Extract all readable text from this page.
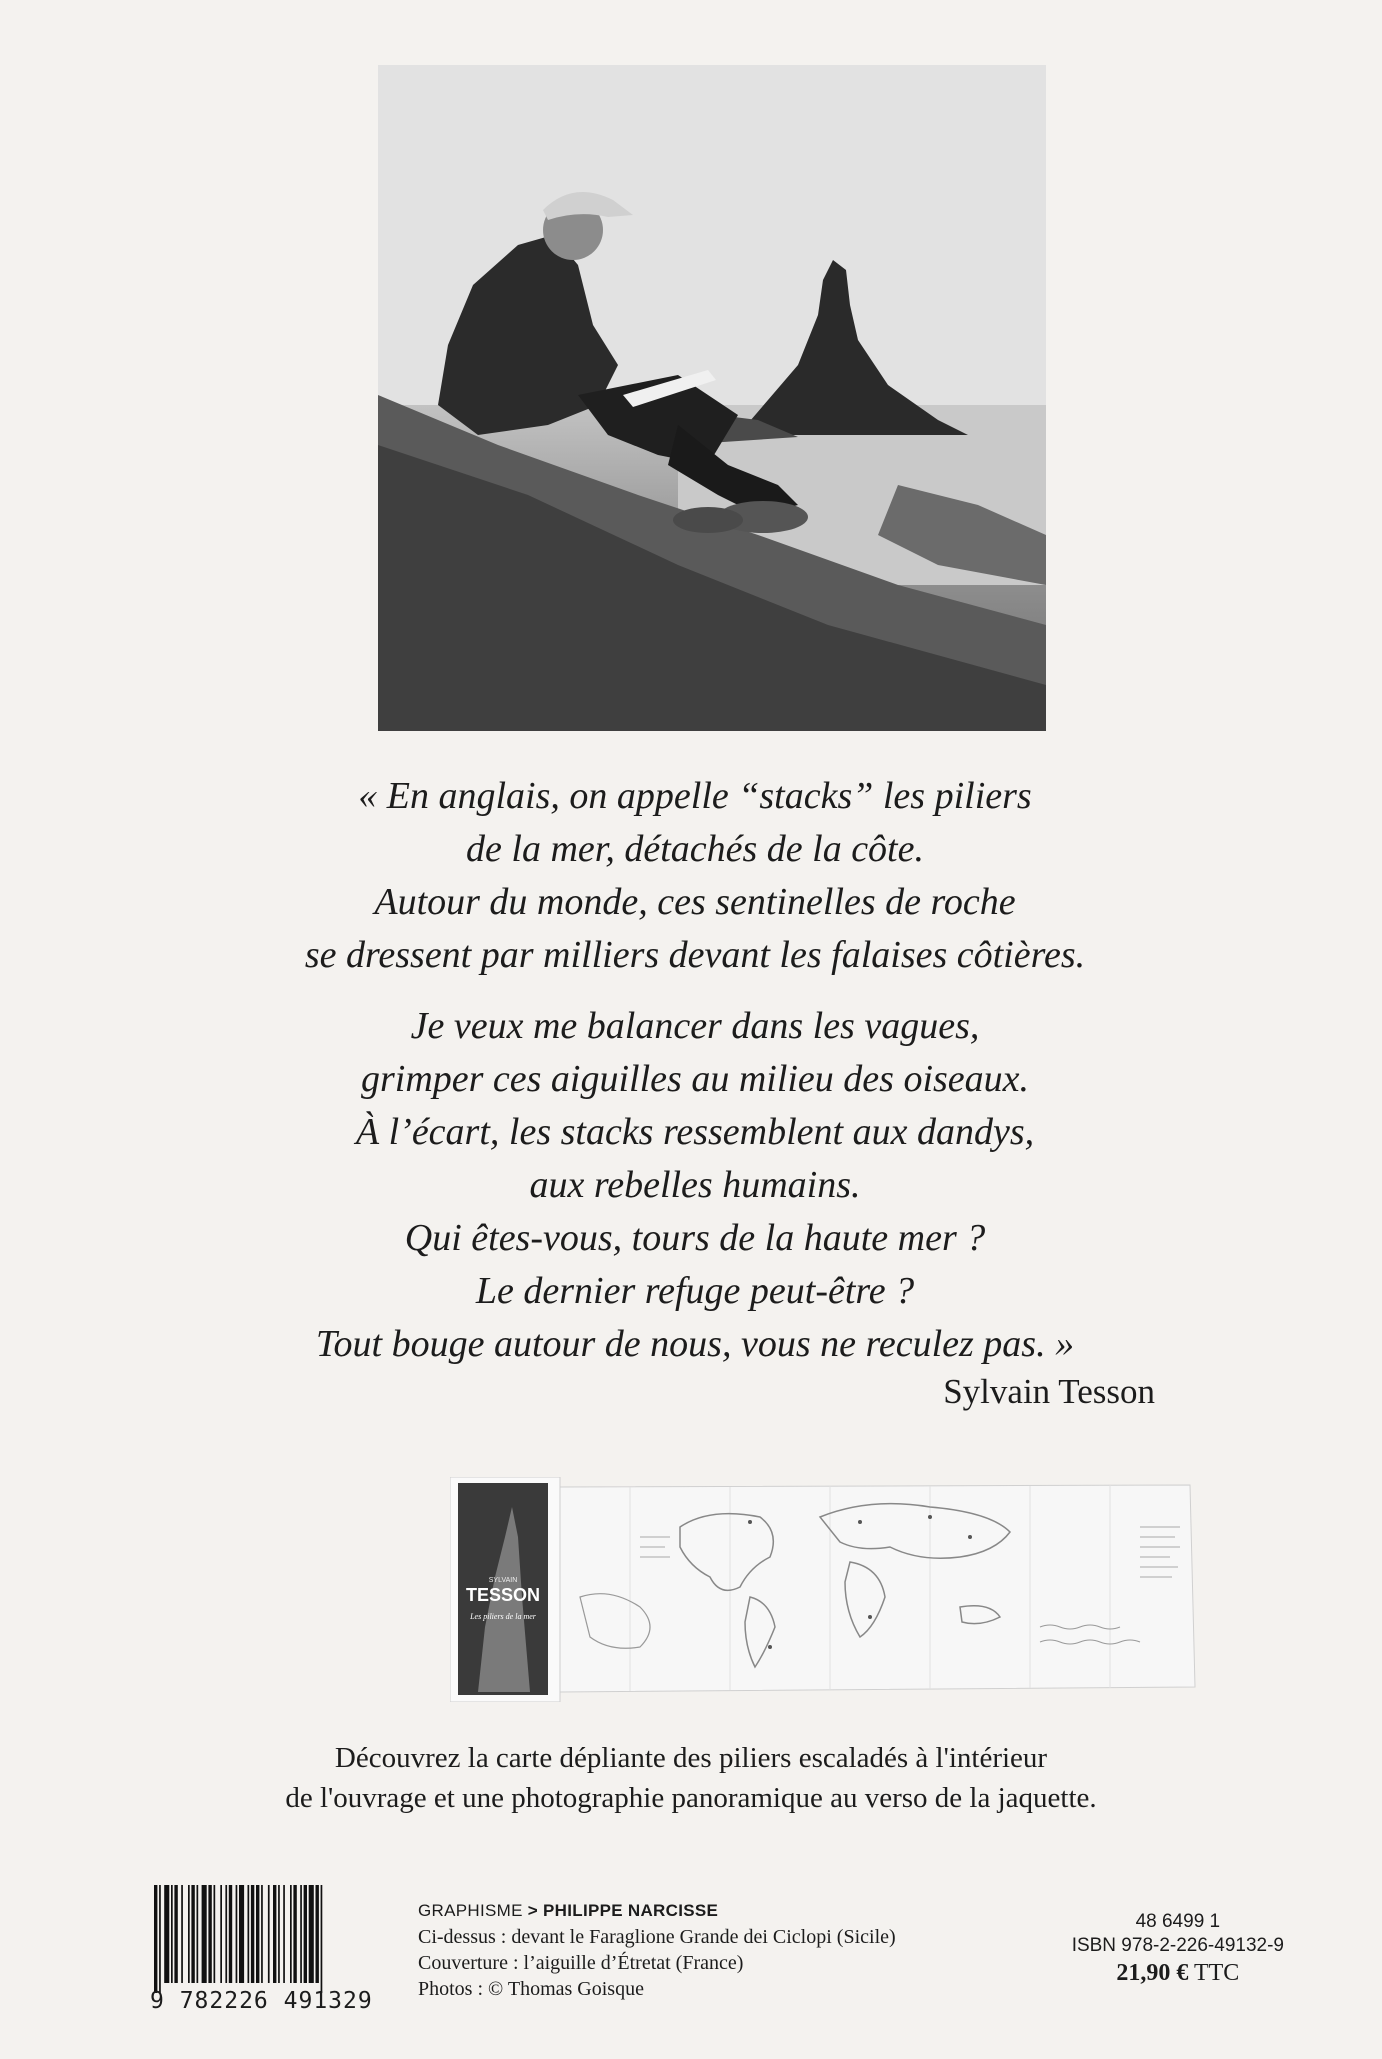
« En anglais, on appelle “stacks” les piliers
de la mer, détachés de la côte.
Autour du monde, ces sentinelles de roche
se dressent par milliers devant les falaises côtières.

Je veux me balancer dans les vagues,
grimper ces aiguilles au milieu des oiseaux.
À l’écart, les stacks ressemblent aux dandys,
aux rebelles humains.
Qui êtes-vous, tours de la haute mer ?
Le dernier refuge peut-être ?
Tout bouge autour de nous, vous ne reculez pas. »

Sylvain Tesson
SYLVAIN
TESSON
Les piliers de la mer
Découvrez la carte dépliante des piliers escaladés à l'intérieur
de l'ouvrage et une photographie panoramique au verso de la jaquette.
9 782226 491329
GRAPHISME > PHILIPPE NARCISSE
Ci-dessus : devant le Faraglione Grande dei Ciclopi (Sicile)
Couverture : l’aiguille d’Étretat (France)
Photos : © Thomas Goisque
48 6499 1
ISBN 978-2-226-49132-9
21,90 € TTC
